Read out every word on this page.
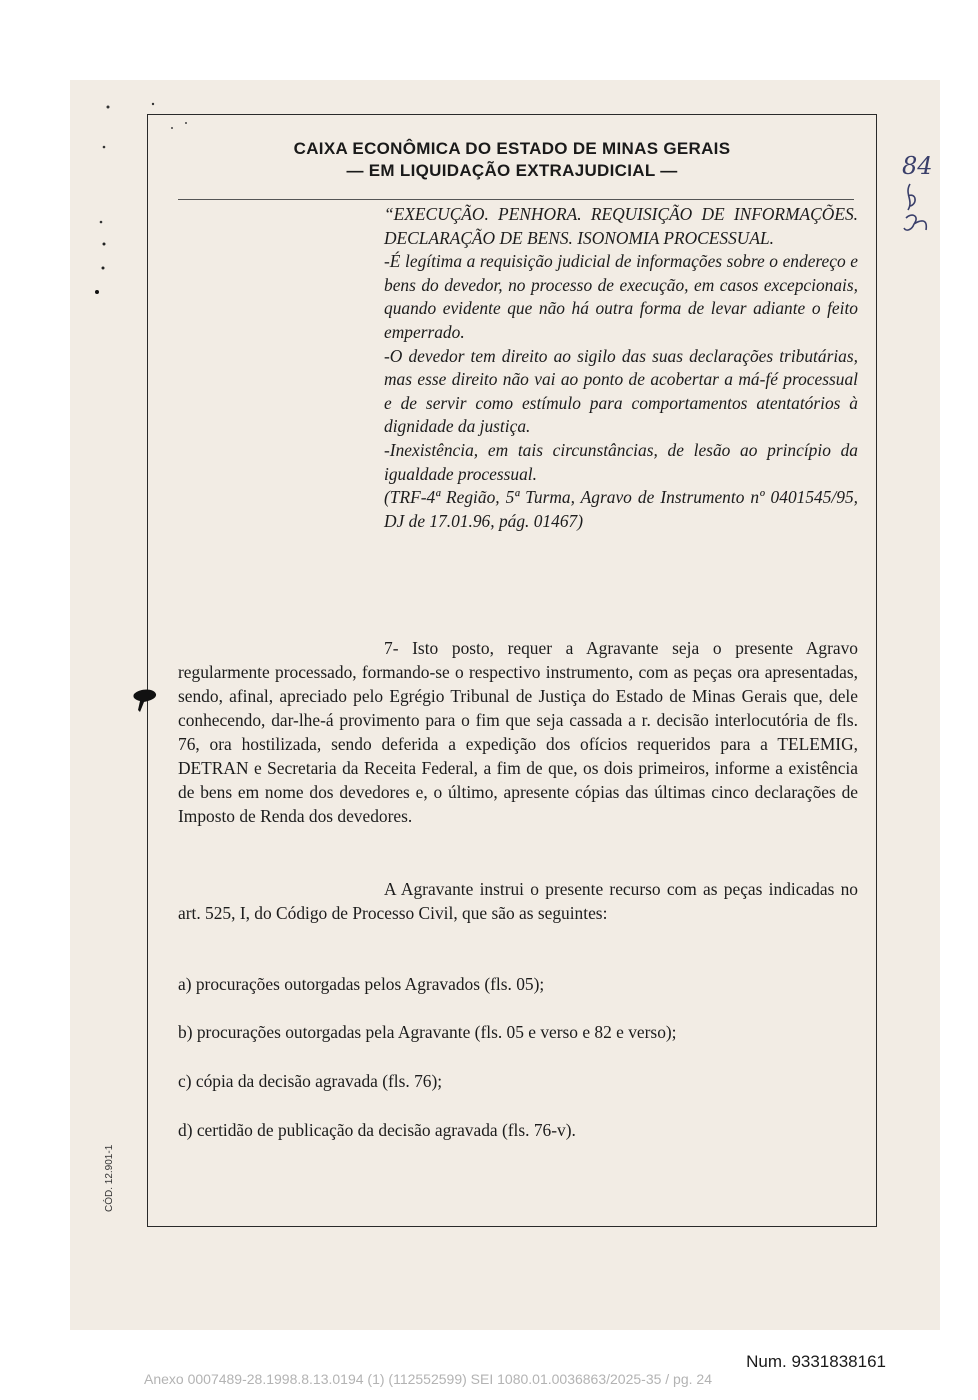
CAIXA ECONÔMICA DO ESTADO DE MINAS GERAIS
— EM LIQUIDAÇÃO EXTRAJUDICIAL —

“EXECUÇÃO. PENHORA. REQUISIÇÃO DE INFORMAÇÕES. DECLARAÇÃO DE BENS. ISONOMIA PROCESSUAL.

-É legítima a requisição judicial de informações sobre o endereço e bens do devedor, no processo de execução, em casos excepcionais, quando evidente que não há outra forma de levar adiante o feito emperrado.

-O devedor tem direito ao sigilo das suas declarações tributárias, mas esse direito não vai ao ponto de acobertar a má-fé processual e de servir como estímulo para comportamentos atentatórios à dignidade da justiça.

-Inexistência, em tais circunstâncias, de lesão ao princípio da igualdade processual.

(TRF-4ª Região, 5ª Turma, Agravo de Instrumento nº 0401545/95, DJ de 17.01.96, pág. 01467)

7- Isto posto, requer a Agravante seja o presente Agravo regularmente processado, formando-se o respectivo instrumento, com as peças ora apresentadas, sendo, afinal, apreciado pelo Egrégio Tribunal de Justiça do Estado de Minas Gerais que, dele conhecendo, dar-lhe-á provimento para o fim que seja cassada a r. decisão interlocutória de fls. 76, ora hostilizada, sendo deferida a expedição dos ofícios requeridos para a TELEMIG, DETRAN e Secretaria da Receita Federal, a fim de que, os dois primeiros, informe a existência de bens em nome dos devedores e, o último, apresente cópias das últimas cinco declarações de Imposto de Renda dos devedores.

A Agravante instrui o presente recurso com as peças indicadas no art. 525, I, do Código de Processo Civil, que são as seguintes:

a) procurações outorgadas pelos Agravados (fls. 05);
b) procurações outorgadas pela Agravante (fls. 05 e verso e 82 e verso);
c) cópia da decisão agravada (fls. 76);
d) certidão de publicação da decisão agravada (fls. 76-v).
CÓD. 12.901-1
84
Num. 9331838161
Anexo 0007489-28.1998.8.13.0194 (1) (112552599) SEI 1080.01.0036863/2025-35 / pg. 24
